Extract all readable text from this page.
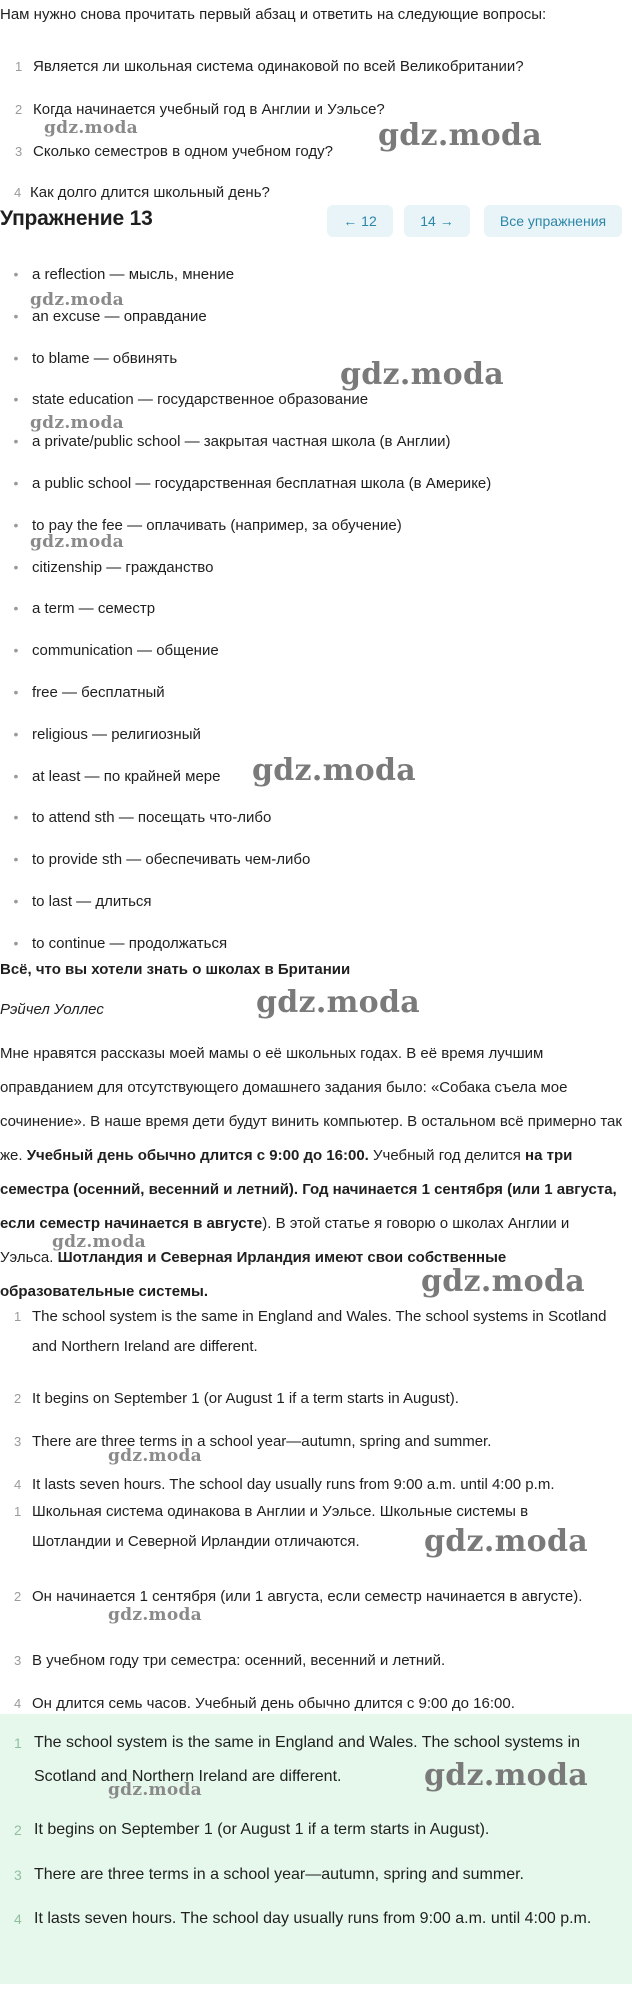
Нам нужно снова прочитать первый абзац и ответить на следующие вопросы:
1 Является ли школьная система одинаковой по всей Великобритании?
2 Когда начинается учебный год в Англии и Уэльсе?
3 Сколько семестров в одном учебном году?
4 Как долго длится школьный день?
Упражнение 13	← 12	14 →	Все упражнения
• a reflection — мысль, мнение
• an excuse — оправдание
• to blame — обвинять
• state education — государственное образование
• a private/public school — закрытая частная школа (в Англии)
• a public school — государственная бесплатная школа (в Америке)
• to pay the fee — оплачивать (например, за обучение)
• citizenship — гражданство
• a term — семестр
• communication — общение
• free — бесплатный
• religious — религиозный
• at least — по крайней мере
• to attend sth — посещать что-либо
• to provide sth — обеспечивать чем-либо
• to last — длиться
• to continue — продолжаться
Всё, что вы хотели знать о школах в Британии
Рэйчел Уоллес
Мне нравятся рассказы моей мамы о её школьных годах. В её время лучшим оправданием для отсутствующего домашнего задания было: «Собака съела мое сочинение». В наше время дети будут винить компьютер. В остальном всё примерно так же. Учебный день обычно длится с 9:00 до 16:00. Учебный год делится на три семестра (осенний, весенний и летний). Год начинается 1 сентября (или 1 августа, если семестр начинается в августе). В этой статье я говорю о школах Англии и Уэльса. Шотландия и Северная Ирландия имеют свои собственные образовательные системы.
1 The school system is the same in England and Wales. The school systems in Scotland and Northern Ireland are different.
2 It begins on September 1 (or August 1 if a term starts in August).
3 There are three terms in a school year—autumn, spring and summer.
4 It lasts seven hours. The school day usually runs from 9:00 a.m. until 4:00 p.m.
1 Школьная система одинакова в Англии и Уэльсе. Школьные системы в Шотландии и Северной Ирландии отличаются.
2 Он начинается 1 сентября (или 1 августа, если семестр начинается в августе).
3 В учебном году три семестра: осенний, весенний и летний.
4 Он длится семь часов. Учебный день обычно длится с 9:00 до 16:00.
1 The school system is the same in England and Wales. The school systems in Scotland and Northern Ireland are different.
2 It begins on September 1 (or August 1 if a term starts in August).
3 There are three terms in a school year—autumn, spring and summer.
4 It lasts seven hours. The school day usually runs from 9:00 a.m. until 4:00 p.m.
gdz.moda	gdz.moda
gdz.moda
gdz.moda
gdz.moda
gdz.moda
gdz.moda
gdz.moda
gdz.moda
gdz.moda
gdz.moda
gdz.moda
gdz.moda
gdz.moda
gdz.moda
